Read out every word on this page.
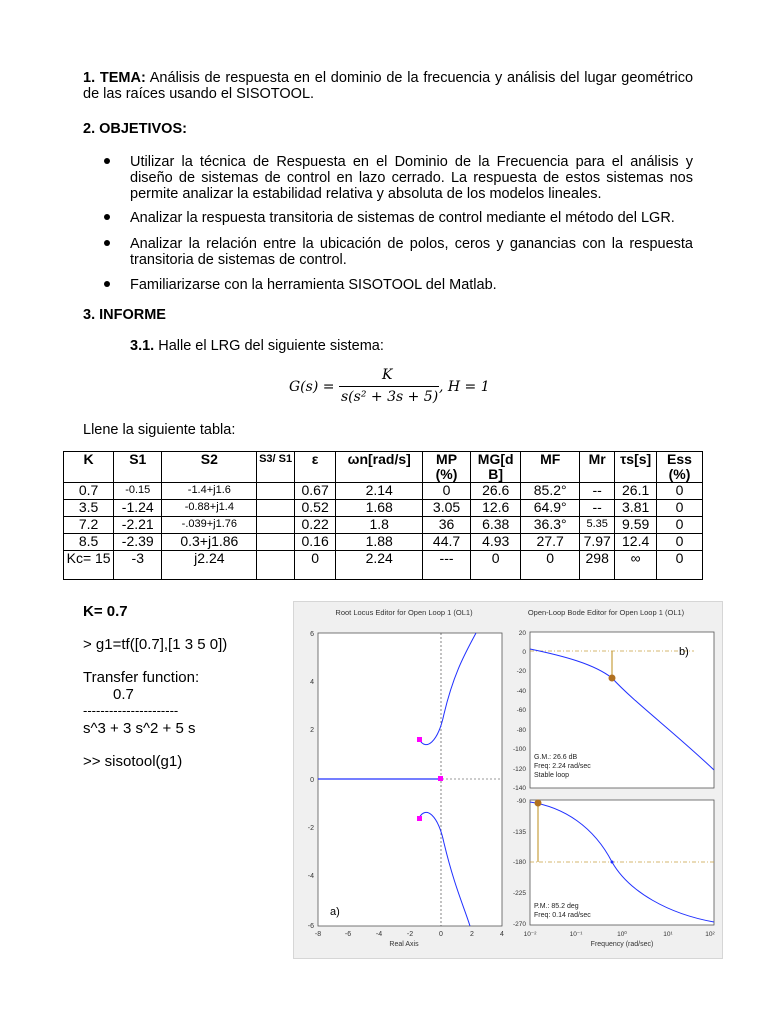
1. TEMA: Análisis de respuesta en el dominio de la frecuencia y análisis del lugar geométrico de las raíces usando el SISOTOOL.
2. OBJETIVOS:
Utilizar la técnica de Respuesta en el Dominio de la Frecuencia para el análisis y diseño de sistemas de control en lazo cerrado. La respuesta de estos sistemas nos permite analizar la estabilidad relativa y absoluta de los modelos lineales.
Analizar la respuesta transitoria de sistemas de control mediante el método del LGR.
Analizar la relación entre la ubicación de polos, ceros y ganancias con la respuesta transitoria de sistemas de control.
Familiarizarse con la herramienta SISOTOOL del Matlab.
3. INFORME
3.1. Halle el LRG del siguiente sistema:
G(s) =
K
s(s² + 3s + 5)
, H = 1
Llene la siguiente tabla:
K	S1	S2	S3/ S1	ε	ωn[rad/s]	MP (%)	MG[d B]	MF	Mr	τs[s]	Ess (%)
0.7	-0.15	-1.4+j1.6		0.67	2.14	0	26.6	85.2°	--	26.1	0
3.5	-1.24	-0.88+j1.4		0.52	1.68	3.05	12.6	64.9°	--	3.81	0
7.2	-2.21	-.039+j1.76		0.22	1.8	36	6.38	36.3°	5.35	9.59	0
8.5	-2.39	0.3+j1.86		0.16	1.88	44.7	4.93	27.7	7.97	12.4	0
Kc= 15	-3	j2.24		0	2.24	---	0	0	298	∞	0
K= 0.7
> g1=tf([0.7],[1 3 5 0])
Transfer function:
0.7
----------------------
s^3 + 3 s^2 + 5 s
>> sisotool(g1)
Root Locus Editor for Open Loop 1 (OL1)	Open-Loop Bode Editor for Open Loop 1 (OL1)
a)
6
4
2
0
-2
-4
-6
-8	-6	-4	-2	0	2	4
Real Axis
b)
G.M.: 26.6 dB
Freq: 2.24 rad/sec
Stable loop
20
0
-20
-40
-60
-80
-100
-120
-140
P.M.: 85.2 deg
Freq: 0.14 rad/sec
-90
-135
-180
-225
-270
10⁻²	10⁻¹	10⁰	10¹	10²
Frequency (rad/sec)
